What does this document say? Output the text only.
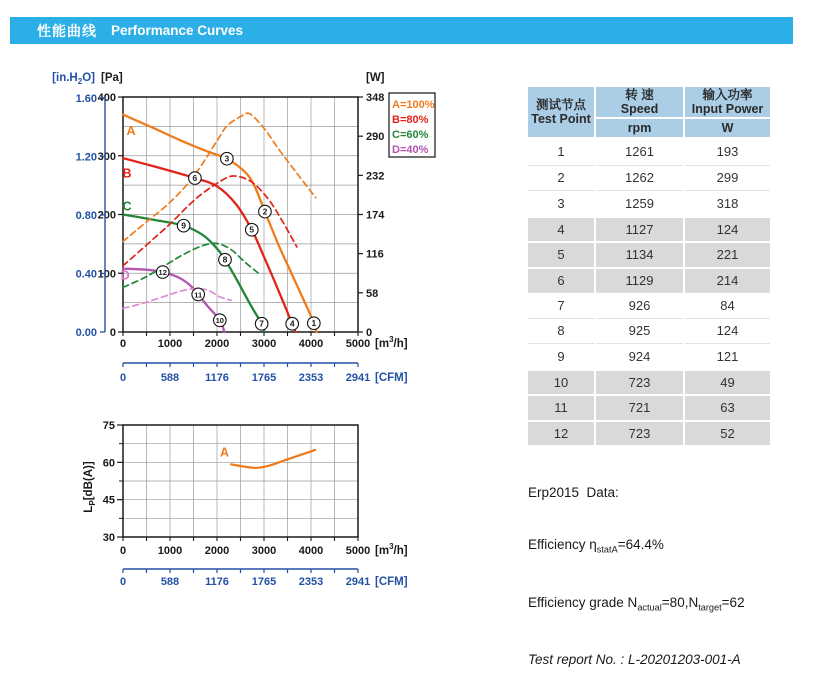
性能曲线 Performance Curves
A
B
C
D
1
2
3
4
5
6
7
8
9
10
11
12
400
300
200
100
0
1.60
1.20
0.80
0.40
0.00
348
290
232
174
116
58
0
0	1000 2000 3000 4000 5000
$[in.H_2O]$ [Pa]	[W]
$[m^3/h]$
0	588 1176 1765 2353 2941 [CFM]
A=100%
B=80%
C=60%
D=40%
A
75
60
45
30
0	1000 2000 3000 4000 5000 $[m^3/h]$
$L_P[dB(A)]$
0	588 1176 1765 2353 2941 [CFM]
测试节点
Test Point
转 速
Speed
输入功率
Input Power
rpm	W
1	1261	193
2	1262	299
3	1259	318
4	1127	124
5	1134	221
6	1129	214
7	926	84
8	925	124
9	924	121
10	723	49
11	721	63
12	723	52

Erp2015  Data:

Efficiency $\eta_{statA}=64.4\%$

Efficiency grade $N_{actual}=80,N_{target}=62$

Test report No. : L-20201203-001-A
